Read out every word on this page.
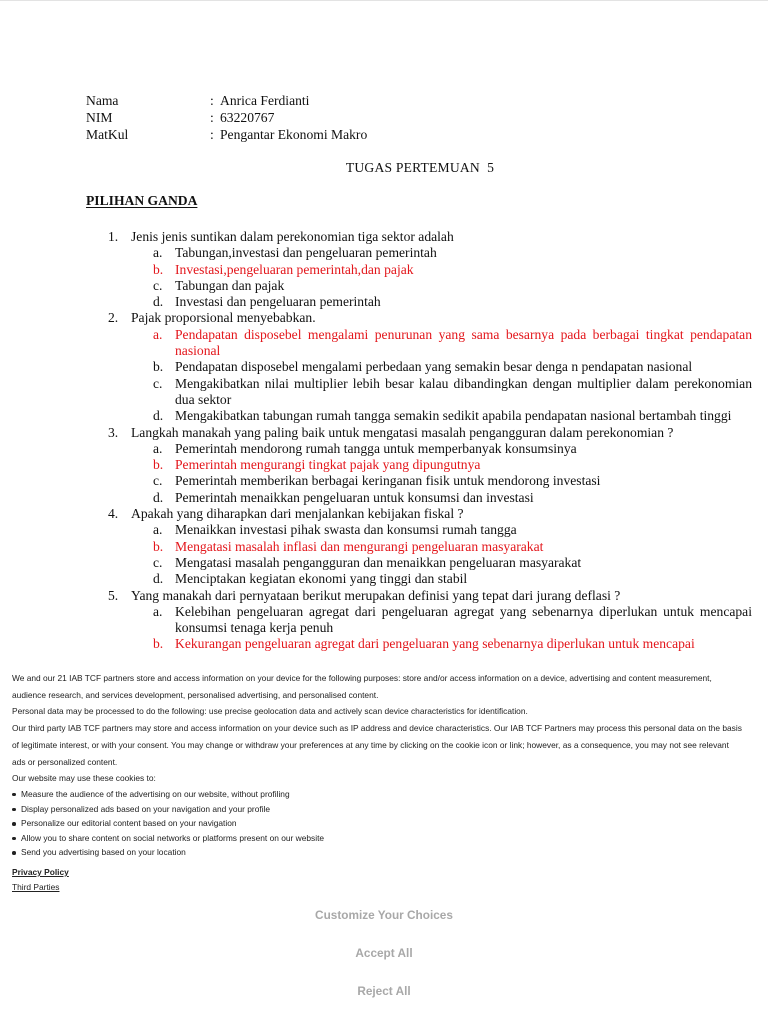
Nama	: Anrica Ferdianti
NIM	: 63220767
MatKul	: Pengantar Ekonomi Makro
TUGAS PERTEMUAN  5
PILIHAN GANDA
1. Jenis jenis suntikan dalam perekonomian tiga sektor adalah
a. Tabungan,investasi dan pengeluaran pemerintah
b. Investasi,pengeluaran pemerintah,dan pajak
c. Tabungan dan pajak
d. Investasi dan pengeluaran pemerintah
2. Pajak proporsional menyebabkan.
a. Pendapatan disposebel mengalami penurunan yang sama besarnya pada berbagai tingkat pendapatan nasional
b. Pendapatan disposebel mengalami perbedaan yang semakin besar denga n pendapatan nasional
c. Mengakibatkan nilai multiplier lebih besar kalau dibandingkan dengan multiplier dalam perekonomian dua sektor
d. Mengakibatkan tabungan rumah tangga semakin sedikit apabila pendapatan nasional bertambah tinggi
3. Langkah manakah yang paling baik untuk mengatasi masalah pengangguran dalam perekonomian ?
a. Pemerintah mendorong rumah tangga untuk memperbanyak konsumsinya
b. Pemerintah mengurangi tingkat pajak yang dipungutnya
c. Pemerintah memberikan berbagai keringanan fisik untuk mendorong investasi
d. Pemerintah menaikkan pengeluaran untuk konsumsi dan investasi
4. Apakah yang diharapkan dari menjalankan kebijakan fiskal ?
a. Menaikkan investasi pihak swasta dan konsumsi rumah tangga
b. Mengatasi masalah inflasi dan mengurangi pengeluaran masyarakat
c. Mengatasi masalah pengangguran dan menaikkan pengeluaran masyarakat
d. Menciptakan kegiatan ekonomi yang tinggi dan stabil
5. Yang manakah dari pernyataan berikut merupakan definisi yang tepat dari jurang deflasi ?
a. Kelebihan pengeluaran agregat dari pengeluaran agregat yang sebenarnya diperlukan untuk mencapai konsumsi tenaga kerja penuh
b. Kekurangan pengeluaran agregat dari pengeluaran yang sebenarnya diperlukan untuk mencapai

We and our 21 IAB TCF partners store and access information on your device for the following purposes: store and/or access information on a device, advertising and content measurement, audience research, and services development, personalised advertising, and personalised content.

Personal data may be processed to do the following: use precise geolocation data and actively scan device characteristics for identification.

Our third party IAB TCF partners may store and access information on your device such as IP address and device characteristics. Our IAB TCF Partners may process this personal data on the basis of legitimate interest, or with your consent. You may change or withdraw your preferences at any time by clicking on the cookie icon or link; however, as a consequence, you may not see relevant ads or personalized content.

Our website may use these cookies to:

Measure the audience of the advertising on our website, without profiling
Display personalized ads based on your navigation and your profile
Personalize our editorial content based on your navigation
Allow you to share content on social networks or platforms present on our website
Send you advertising based on your location
Privacy Policy
Third Parties
Customize Your Choices
Accept All
Reject All
